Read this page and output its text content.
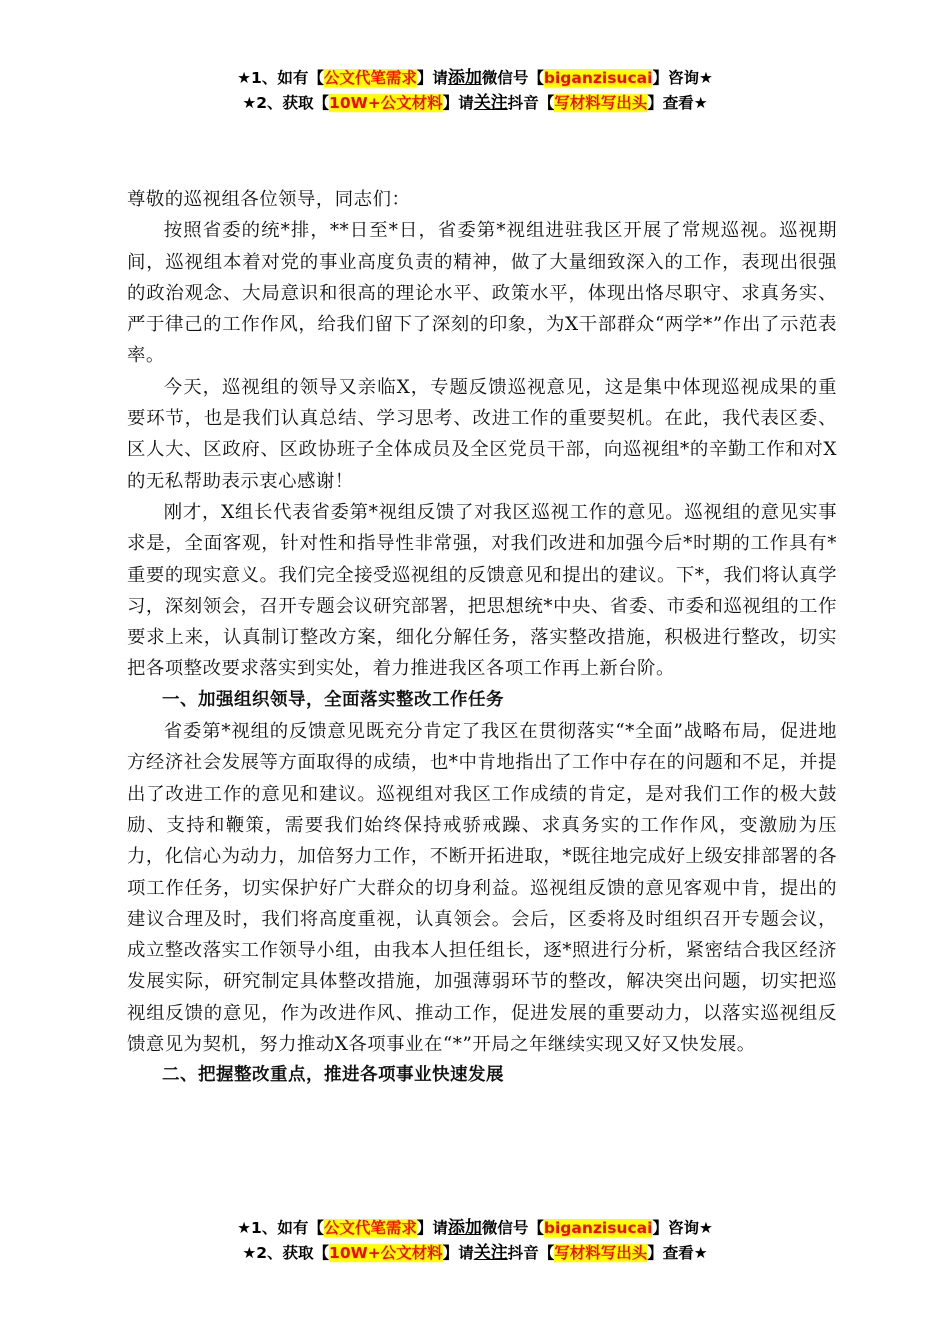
★1、如有【公文代笔需求】请添加微信号【biganzisucai】咨询★
★2、获取【10W+公文材料】请关注抖音【写材料写出头】查看★

尊敬的巡视组各位领导，同志们：

按照省委的统*排，**日至*日，省委第*视组进驻我区开展了常规巡视。巡视期间，巡视组本着对党的事业高度负责的精神，做了大量细致深入的工作，表现出很强的政治观念、大局意识和很高的理论水平、政策水平，体现出恪尽职守、求真务实、严于律己的工作作风，给我们留下了深刻的印象，为X干部群众“两学*”作出了示范表率。

今天，巡视组的领导又亲临X，专题反馈巡视意见，这是集中体现巡视成果的重要环节，也是我们认真总结、学习思考、改进工作的重要契机。在此，我代表区委、区人大、区政府、区政协班子全体成员及全区党员干部，向巡视组*的辛勤工作和对X的无私帮助表示衷心感谢！

刚才，X组长代表省委第*视组反馈了对我区巡视工作的意见。巡视组的意见实事求是，全面客观，针对性和指导性非常强，对我们改进和加强今后*时期的工作具有*重要的现实意义。我们完全接受巡视组的反馈意见和提出的建议。下*，我们将认真学习，深刻领会，召开专题会议研究部署，把思想统*中央、省委、市委和巡视组的工作要求上来，认真制订整改方案，细化分解任务，落实整改措施，积极进行整改，切实把各项整改要求落实到实处，着力推进我区各项工作再上新台阶。

一、加强组织领导，全面落实整改工作任务

省委第*视组的反馈意见既充分肯定了我区在贯彻落实“*全面”战略布局，促进地方经济社会发展等方面取得的成绩，也*中肯地指出了工作中存在的问题和不足，并提出了改进工作的意见和建议。巡视组对我区工作成绩的肯定，是对我们工作的极大鼓励、支持和鞭策，需要我们始终保持戒骄戒躁、求真务实的工作作风，变激励为压力，化信心为动力，加倍努力工作，不断开拓进取，*既往地完成好上级安排部署的各项工作任务，切实保护好广大群众的切身利益。巡视组反馈的意见客观中肯，提出的建议合理及时，我们将高度重视，认真领会。会后，区委将及时组织召开专题会议，成立整改落实工作领导小组，由我本人担任组长，逐*照进行分析，紧密结合我区经济发展实际，研究制定具体整改措施，加强薄弱环节的整改，解决突出问题，切实把巡视组反馈的意见，作为改进作风、推动工作，促进发展的重要动力，以落实巡视组反馈意见为契机，努力推动X各项事业在“*”开局之年继续实现又好又快发展。

二、把握整改重点，推进各项事业快速发展

★1、如有【公文代笔需求】请添加微信号【biganzisucai】咨询★
★2、获取【10W+公文材料】请关注抖音【写材料写出头】查看★
